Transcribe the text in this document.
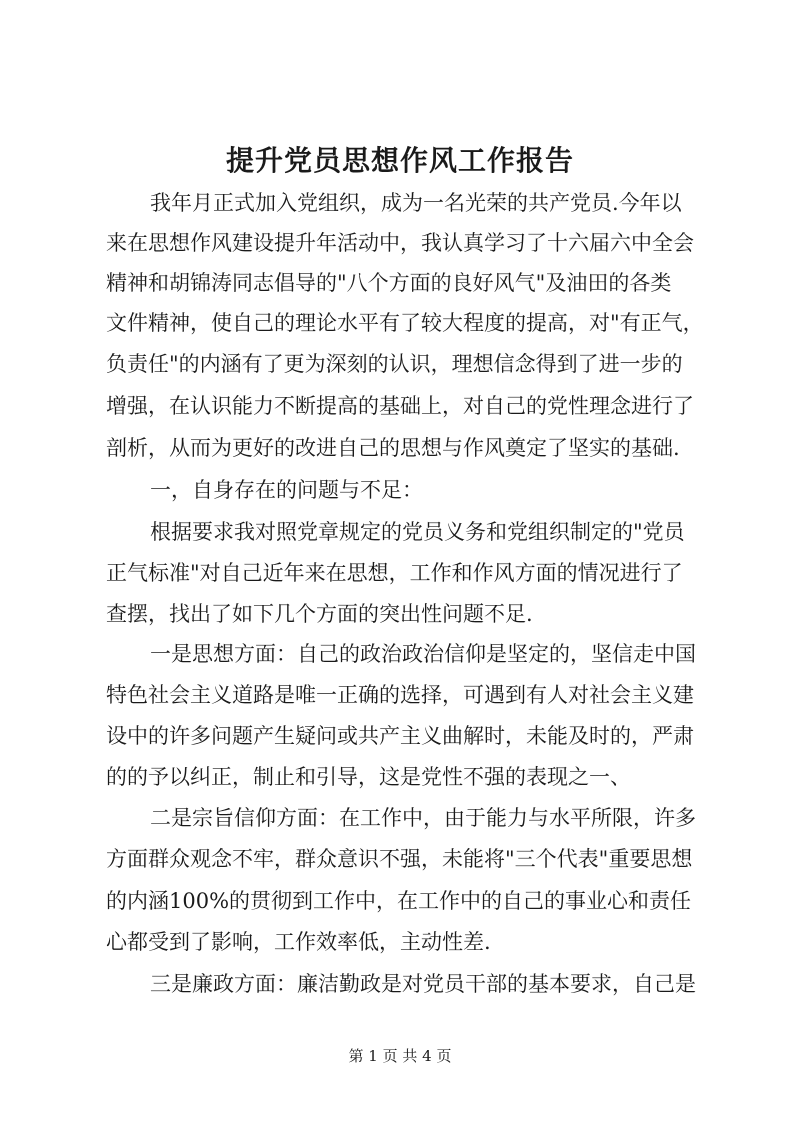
提升党员思想作风工作报告

我年月正式加入党组织，成为一名光荣的共产党员.今年以

来在思想作风建设提升年活动中，我认真学习了十六届六中全会

精神和胡锦涛同志倡导的"八个方面的良好风气"及油田的各类

文件精神，使自己的理论水平有了较大程度的提高，对"有正气，

负责任"的内涵有了更为深刻的认识，理想信念得到了进一步的

增强，在认识能力不断提高的基础上，对自己的党性理念进行了

剖析，从而为更好的改进自己的思想与作风奠定了坚实的基础.

一，自身存在的问题与不足：

根据要求我对照党章规定的党员义务和党组织制定的"党员

正气标准"对自己近年来在思想，工作和作风方面的情况进行了

查摆，找出了如下几个方面的突出性问题不足.

一是思想方面：自己的政治政治信仰是坚定的，坚信走中国

特色社会主义道路是唯一正确的选择，可遇到有人对社会主义建

设中的许多问题产生疑问或共产主义曲解时，未能及时的，严肃

的的予以纠正，制止和引导，这是党性不强的表现之一、

二是宗旨信仰方面：在工作中，由于能力与水平所限，许多

方面群众观念不牢，群众意识不强，未能将"三个代表"重要思想

的内涵100%的贯彻到工作中，在工作中的自己的事业心和责任

心都受到了影响，工作效率低，主动性差.

三是廉政方面：廉洁勤政是对党员干部的基本要求，自己是

第 1 页 共 4 页
